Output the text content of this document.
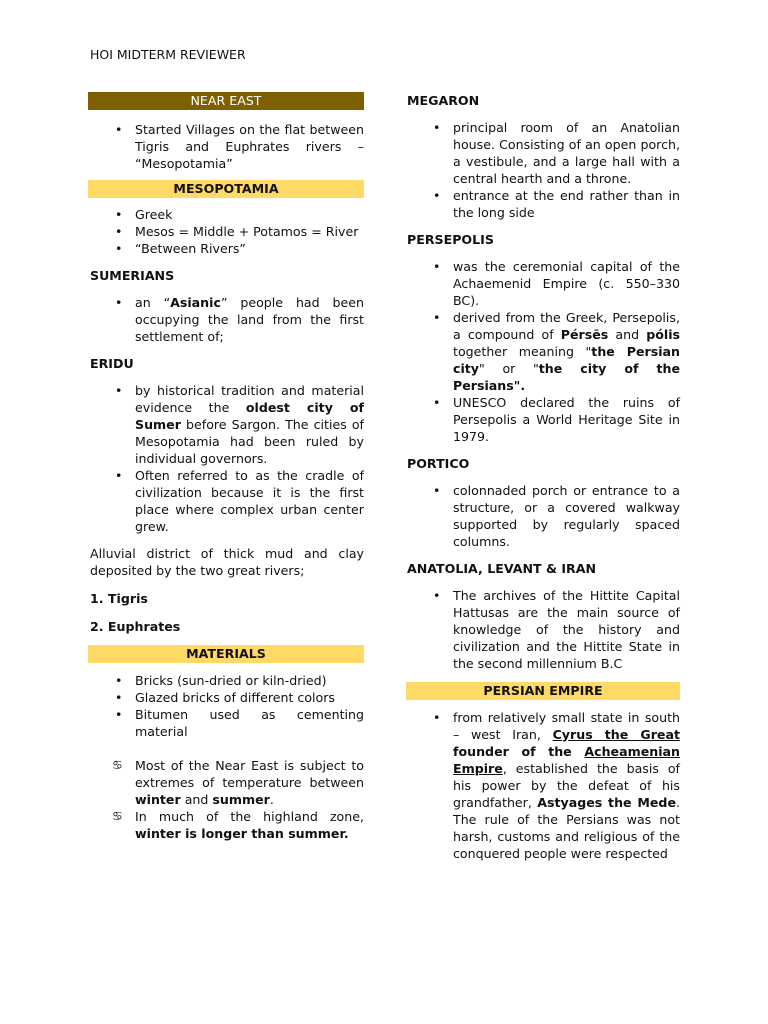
HOI MIDTERM REVIEWER
NEAR EAST
• Started Villages on the flat between Tigris and Euphrates rivers – “Mesopotamia”
MESOPOTAMIA
• Greek
• Mesos = Middle + Potamos = River
• “Between Rivers”
SUMERIANS
• an “Asianic” people had been occupying the land from the first settlement of;
ERIDU
• by historical tradition and material evidence the oldest city of Sumer before Sargon. The cities of Mesopotamia had been ruled by individual governors.
• Often referred to as the cradle of civilization because it is the first place where complex urban center grew.

Alluvial district of thick mud and clay deposited by the two great rivers;

1. Tigris
2. Euphrates
MATERIALS
• Bricks (sun-dried or kiln-dried)
• Glazed bricks of different colors
• Bitumen used as cementing material
♋ Most of the Near East is subject to extremes of temperature between winter and summer.
♋ In much of the highland zone, winter is longer than summer.
MEGARON
• principal room of an Anatolian house. Consisting of an open porch, a vestibule, and a large hall with a central hearth and a throne.
• entrance at the end rather than in the long side
PERSEPOLIS
• was the ceremonial capital of the Achaemenid Empire (c. 550–330 BC).
• derived from the Greek, Persepolis, a compound of Pérsēs and pólis together meaning "the Persian city" or "the city of the Persians".
• UNESCO declared the ruins of Persepolis a World Heritage Site in 1979.
PORTICO
• colonnaded porch or entrance to a structure, or a covered walkway supported by regularly spaced columns.
ANATOLIA, LEVANT & IRAN
• The archives of the Hittite Capital Hattusas are the main source of knowledge of the history and civilization and the Hittite State in the second millennium B.C
PERSIAN EMPIRE
• from relatively small state in south – west Iran, Cyrus the Great founder of the Acheamenian Empire, established the basis of his power by the defeat of his grandfather, Astyages the Mede. The rule of the Persians was not harsh, customs and religious of the conquered people were respected
